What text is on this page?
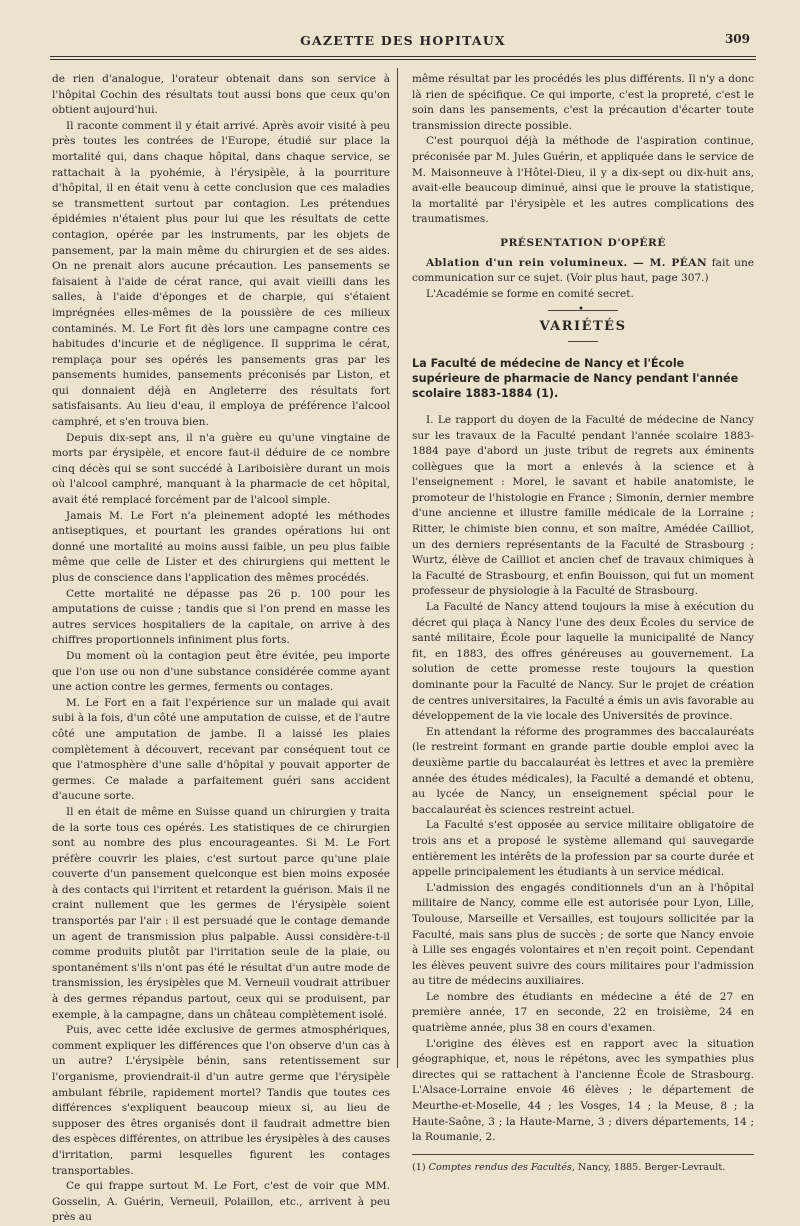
GAZETTE DES HOPITAUX	309

de rien d'analogue, l'orateur obtenait dans son service à l'hôpital Cochin des résultats tout aussi bons que ceux qu'on obtient aujourd'hui.

Il raconte comment il y était arrivé. Après avoir visité à peu près toutes les contrées de l'Europe, étudié sur place la mortalité qui, dans chaque hôpital, dans chaque service, se rattachait à la pyohémie, à l'érysipèle, à la pourriture d'hôpital, il en était venu à cette conclusion que ces maladies se transmettent surtout par contagion. Les prétendues épidémies n'étaient plus pour lui que les résultats de cette contagion, opérée par les instruments, par les objets de pansement, par la main même du chirurgien et de ses aides. On ne prenait alors aucune précaution. Les pansements se faisaient à l'aide de cérat rance, qui avait vieilli dans les salles, à l'aide d'éponges et de charpie, qui s'étaient imprégnées elles-mêmes de la poussière de ces milieux contaminés. M. Le Fort fit dès lors une campagne contre ces habitudes d'incurie et de négligence. Il supprima le cérat, remplaça pour ses opérés les pansements gras par les pansements humides, pansements préconisés par Liston, et qui donnaient déjà en Angleterre des résultats fort satisfaisants. Au lieu d'eau, il employa de préférence l'alcool camphré, et s'en trouva bien.

Depuis dix-sept ans, il n'a guère eu qu'une vingtaine de morts par érysipèle, et encore faut-il déduire de ce nombre cinq décès qui se sont succédé à Lariboisière durant un mois où l'alcool camphré, manquant à la pharmacie de cet hôpital, avait été remplacé forcément par de l'alcool simple.

Jamais M. Le Fort n'a pleinement adopté les méthodes antiseptiques, et pourtant les grandes opérations lui ont donné une mortalité au moins aussi faible, un peu plus faible même que celle de Lister et des chirurgiens qui mettent le plus de conscience dans l'application des mêmes procédés.

Cette mortalité ne dépasse pas 26 p. 100 pour les amputations de cuisse ; tandis que si l'on prend en masse les autres services hospitaliers de la capitale, on arrive à des chiffres proportionnels infiniment plus forts.

Du moment où la contagion peut être évitée, peu importe que l'on use ou non d'une substance considérée comme ayant une action contre les germes, ferments ou contages.

M. Le Fort en a fait l'expérience sur un malade qui avait subi à la fois, d'un côté une amputation de cuisse, et de l'autre côté une amputation de jambe. Il a laissé les plaies complètement à découvert, recevant par conséquent tout ce que l'atmosphère d'une salle d'hôpital y pouvait apporter de germes. Ce malade a parfaitement guéri sans accident d'aucune sorte.

Il en était de même en Suisse quand un chirurgien y traita de la sorte tous ces opérés. Les statistiques de ce chirurgien sont au nombre des plus encourageantes. Si M. Le Fort préfère couvrir les plaies, c'est surtout parce qu'une plaie couverte d'un pansement quelconque est bien moins exposée à des contacts qui l'irritent et retardent la guérison. Mais il ne craint nullement que les germes de l'érysipèle soient transportés par l'air : il est persuadé que le contage demande un agent de transmission plus palpable. Aussi considère-t-il comme produits plutôt par l'irritation seule de la plaie, ou spontanément s'ils n'ont pas été le résultat d'un autre mode de transmission, les érysipèles que M. Verneuil voudrait attribuer à des germes répandus partout, ceux qui se produisent, par exemple, à la campagne, dans un château complètement isolé.

Puis, avec cette idée exclusive de germes atmosphériques, comment expliquer les différences que l'on observe d'un cas à un autre? L'érysipèle bénin, sans retentissement sur l'organisme, proviendrait-il d'un autre germe que l'érysipèle ambulant fébrile, rapidement mortel? Tandis que toutes ces différences s'expliquent beaucoup mieux si, au lieu de supposer des êtres organisés dont il faudrait admettre bien des espèces différentes, on attribue les érysipèles à des causes d'irritation, parmi lesquelles figurent les contages transportables.

Ce qui frappe surtout M. Le Fort, c'est de voir que MM. Gosselin, A. Guérin, Verneuil, Polaillon, etc., arrivent à peu près au

même résultat par les procédés les plus différents. Il n'y a donc là rien de spécifique. Ce qui importe, c'est la propreté, c'est le soin dans les pansements, c'est la précaution d'écarter toute transmission directe possible.

C'est pourquoi déjà la méthode de l'aspiration continue, préconisée par M. Jules Guérin, et appliquée dans le service de M. Maisonneuve à l'Hôtel-Dieu, il y a dix-sept ou dix-huit ans, avait-elle beaucoup diminué, ainsi que le prouve la statistique, la mortalité par l'érysipèle et les autres complications des traumatismes.

PRÉSENTATION D'OPÉRÉ

Ablation d'un rein volumineux. — M. PÉAN fait une communication sur ce sujet. (Voir plus haut, page 307.)

L'Académie se forme en comité secret.

•
VARIÉTÉS
La Faculté de médecine de Nancy et l'École supérieure de pharmacie de Nancy pendant l'année scolaire 1883-1884 (1).

I. Le rapport du doyen de la Faculté de médecine de Nancy sur les travaux de la Faculté pendant l'année scolaire 1883-1884 paye d'abord un juste tribut de regrets aux éminents collègues que la mort a enlevés à la science et à l'enseignement : Morel, le savant et habile anatomiste, le promoteur de l'histologie en France ; Simonin, dernier membre d'une ancienne et illustre famille médicale de la Lorraine ; Ritter, le chimiste bien connu, et son maître, Amédée Cailliot, un des derniers représentants de la Faculté de Strasbourg ; Wurtz, élève de Cailliot et ancien chef de travaux chimiques à la Faculté de Strasbourg, et enfin Bouisson, qui fut un moment professeur de physiologie à la Faculté de Strasbourg.

La Faculté de Nancy attend toujours la mise à exécution du décret qui plaça à Nancy l'une des deux Écoles du service de santé militaire, École pour laquelle la municipalité de Nancy fit, en 1883, des offres généreuses au gouvernement. La solution de cette promesse reste toujours la question dominante pour la Faculté de Nancy. Sur le projet de création de centres universitaires, la Faculté a émis un avis favorable au développement de la vie locale des Universités de province.

En attendant la réforme des programmes des baccalauréats (le restreint formant en grande partie double emploi avec la deuxième partie du baccalauréat ès lettres et avec la première année des études médicales), la Faculté a demandé et obtenu, au lycée de Nancy, un enseignement spécial pour le baccalauréat ès sciences restreint actuel.

La Faculté s'est opposée au service militaire obligatoire de trois ans et a proposé le système allemand qui sauvegarde entièrement les intérêts de la profession par sa courte durée et appelle principalement les étudiants à un service médical.

L'admission des engagés conditionnels d'un an à l'hôpital militaire de Nancy, comme elle est autorisée pour Lyon, Lille, Toulouse, Marseille et Versailles, est toujours sollicitée par la Faculté, mais sans plus de succès ; de sorte que Nancy envoie à Lille ses engagés volontaires et n'en reçoit point. Cependant les élèves peuvent suivre des cours militaires pour l'admission au titre de médecins auxiliaires.

Le nombre des étudiants en médecine a été de 27 en première année, 17 en seconde, 22 en troisième, 24 en quatrième année, plus 38 en cours d'examen.

L'origine des élèves est en rapport avec la situation géographique, et, nous le répétons, avec les sympathies plus directes qui se rattachent à l'ancienne École de Strasbourg. L'Alsace-Lorraine envoie 46 élèves ; le département de Meurthe-et-Moselle, 44 ; les Vosges, 14 ; la Meuse, 8 ; la Haute-Saône, 3 ; la Haute-Marne, 3 ; divers départements, 14 ; la Roumanie, 2.

(1) Comptes rendus des Facultés, Nancy, 1885. Berger-Levrault.
